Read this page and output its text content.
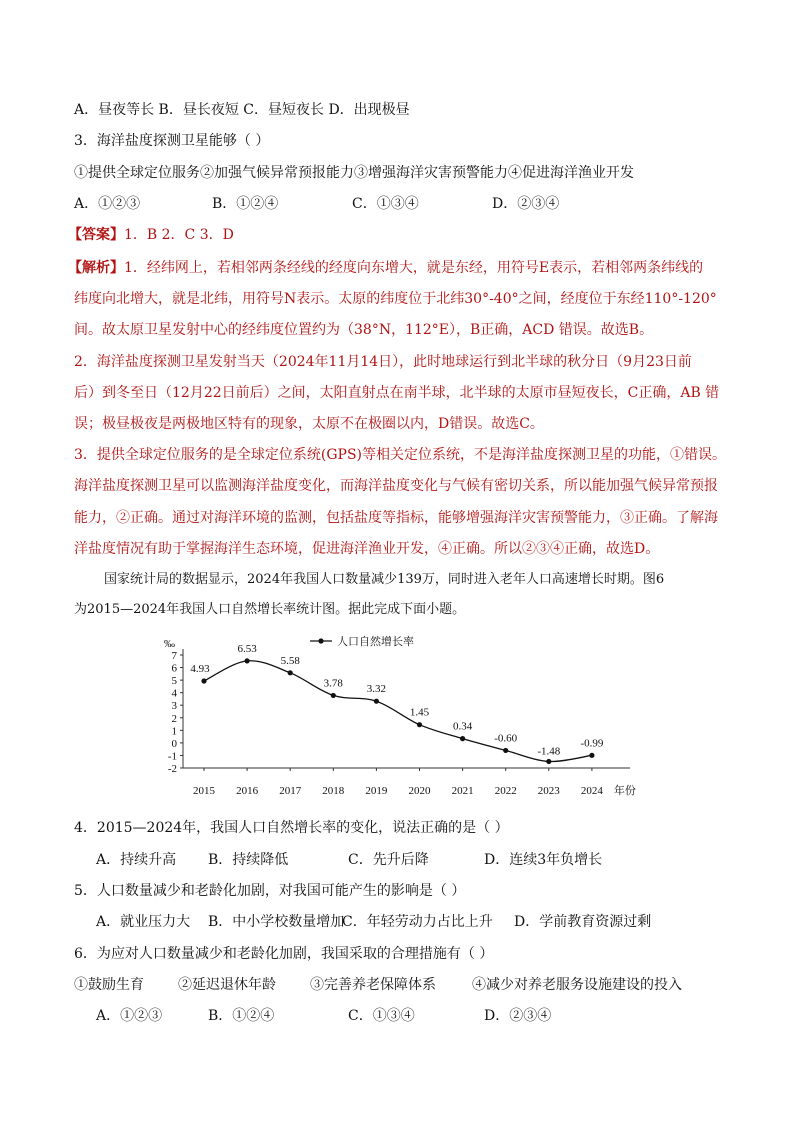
A．昼夜等长 B．昼长夜短 C．昼短夜长 D．出现极昼
3．海洋盐度探测卫星能够（ ）
①提供全球定位服务②加强气候异常预报能力③增强海洋灾害预警能力④促进海洋渔业开发
A．①②③	B．①②④	C．①③④	D．②③④
【答案】1．B 2．C 3．D
【解析】1．经纬网上，若相邻两条经线的经度向东增大，就是东经，用符号E表示，若相邻两条纬线的
纬度向北增大，就是北纬，用符号N表示。太原的纬度位于北纬30°-40°之间，经度位于东经110°-120°
间。故太原卫星发射中心的经纬度位置约为（38°N，112°E），B正确，ACD 错误。故选B。
2．海洋盐度探测卫星发射当天（2024年11月14日），此时地球运行到北半球的秋分日（9月23日前
后）到冬至日（12月22日前后）之间，太阳直射点在南半球，北半球的太原市昼短夜长，C正确，AB 错
误；极昼极夜是两极地区特有的现象，太原不在极圈以内，D错误。故选C。
3．提供全球定位服务的是全球定位系统(GPS)等相关定位系统，不是海洋盐度探测卫星的功能，①错误。
海洋盐度探测卫星可以监测海洋盐度变化，而海洋盐度变化与气候有密切关系，所以能加强气候异常预报
能力，②正确。通过对海洋环境的监测，包括盐度等指标，能够增强海洋灾害预警能力，③正确。了解海
洋盐度情况有助于掌握海洋生态环境，促进海洋渔业开发，④正确。所以②③④正确，故选D。
国家统计局的数据显示，2024年我国人口数量减少139万，同时进入老年人口高速增长时期。图6
为2015—2024年我国人口自然增长率统计图。据此完成下面小题。
‰
7
6
5
4
3
2
1
0
-1
-2
2015 2016 2017 2018 2019 2020 2021 2022 2023 2024 年份
4.93
6.53
5.58
3.78 3.32
1.45
0.34
-0.60
-1.48
-0.99
人口自然增长率
4．2015—2024年，我国人口自然增长率的变化，说法正确的是（ ）
A．持续升高 B．持续降低	C．先升后降	D．连续3年负增长
5．人口数量减少和老龄化加剧，对我国可能产生的影响是（ ）
A．就业压力大 B．中小学校数量增加
C．年轻劳动力占比上升 D．学前教育资源过剩
6．为应对人口数量减少和老龄化加剧，我国采取的合理措施有（ ）
①鼓励生育 ②延迟退休年龄 ③完善养老保障体系	④减少对养老服务设施建设的投入
A．①②③	B．①②④	C．①③④	D．②③④
